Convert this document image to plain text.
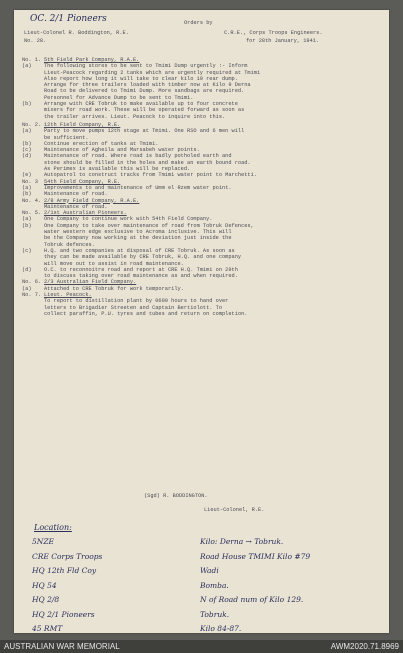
OC. 2/1 Pioneers	Orders by
Lieut-Colonel R. Boddington, R.E.	C.R.E., Corps Troops Engineers.
No. 28.	for 28th January, 1941.
No. 1. 5th Field Park Company, R.A.E.
(a)	The following stores to be sent to Tmimi Dump urgently :- Inform
Lieut-Peacock regarding 2 tanks which are urgently required at Tmimi
Also report how long it will take to clear kilo 19 rear dump.
Arrange for three trailers loaded with timber now at Kilo 9 Derna
Road to be delivered to Tmimi Dump. More sandbags are required.
Personnel for Advance Dump to be sent to Tmimi.
(b)	Arrange with CRE Tobruk to make available up to four concrete
mixers for road work. These will be operated forward as soon as
the trailer arrives. Lieut. Peacock to inquire into this.
No. 2. 12th Field Company, R.E.
(a)	Party to move pumps 12th stage at Tmimi. One RSO and 6 men will
be sufficient.
(b)	Continue erection of tanks at Tmimi.
(c)	Maintenance of Agheila and Marsabeh water points.
(d)	Maintenance of road. Where road is badly potholed earth and
stone should be filled in the holes and make an earth bound road.
As Perimex is available this will be replaced.
(e)	Autopatrol to construct tracks from Tmimi water point to Marchetti.
No. 3	54th Field Company, R.E.
(a)	Improvements to and maintenance of Umm el Rzem water point.
(b)	Maintenance of road.
No. 4. 2/8 Army Field Company, R.A.E.
Maintenance of road.
No. 5. 2/1st Australian Pioneers.
(a)	One Company to continue work with 54th Field Company.
(b)	One Company to take over maintenance of road from Tobruk Defences,
water western edge exclusive to Acroma inclusive. This will
be the Company now working at the deviation just inside the
Tobruk defences.
(c)	H.Q. and two companies at disposal of CRE Tobruk. As soon as
they can be made available by CRE Tobruk, H.Q. and one company
will move out to assist in road maintenance.
(d)	O.C. to reconnoitre road and report at CRE H.Q. Tmimi on 29th
to discuss taking over road maintenance as and when required.
No. 6. 2/3 Australian Field Company.
(a)	Attached to CRE Tobruk for work temporarily.
No. 7. Lieut. Peacock.
To report to distillation plant by 0600 hours to hand over
letters to Brigadier Streeten and Captain Bertiolott. To
collect paraffin, P.U. tyres and tubes and return on completion.
(Sgd) R. BODDINGTON.
Lieut-Colonel, R.E.
Location:
5NZE	Kilo: Derna → Tobruk.
CRE Corps Troops	Road House TMIMI Kilo #79
HQ 12th Fld Coy	Wadi
HQ 54	Bomba.
HQ 2/8	N of Road num of Kilo 129.
HQ 2/1 Pioneers	Tobruk.
45 RMT	Kilo 84-87.
AUSTRALIAN WAR MEMORIAL	AWM2020.71.8969
